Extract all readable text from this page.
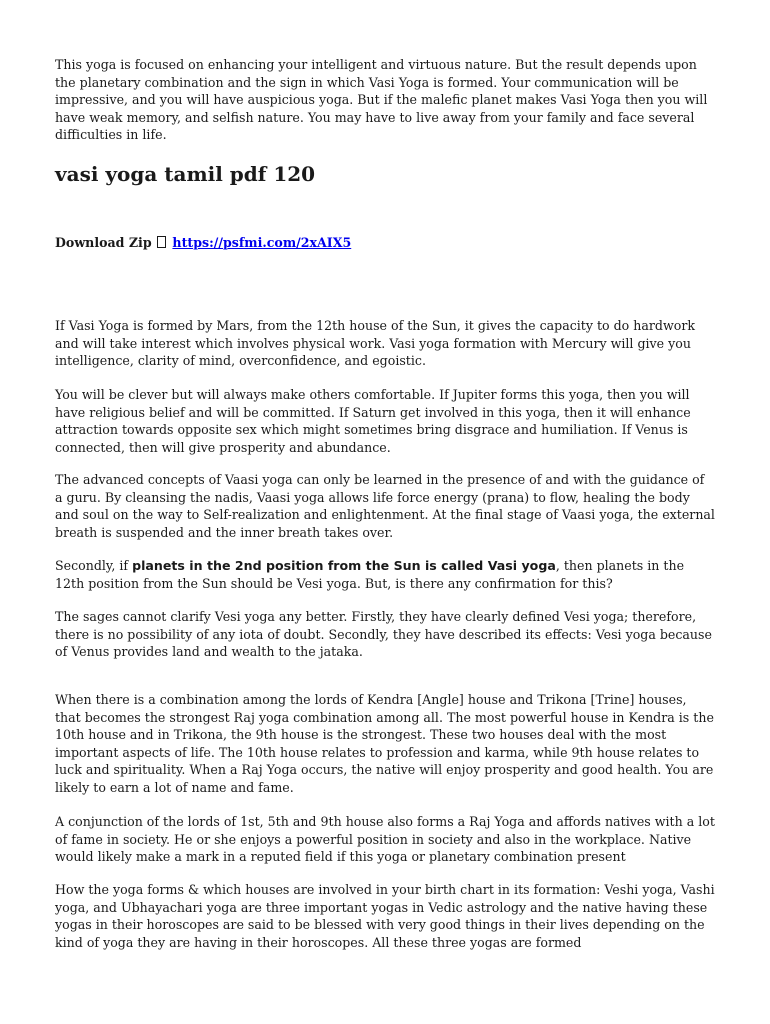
This yoga is focused on enhancing your intelligent and virtuous nature. But the result depends upon the planetary combination and the sign in which Vasi Yoga is formed. Your communication will be impressive, and you will have auspicious yoga. But if the malefic planet makes Vasi Yoga then you will have weak memory, and selfish nature. You may have to live away from your family and face several difficulties in life.

vasi yoga tamil pdf 120
Download Zip https://psfmi.com/2xAIX5

If Vasi Yoga is formed by Mars, from the 12th house of the Sun, it gives the capacity to do hardwork and will take interest which involves physical work. Vasi yoga formation with Mercury will give you intelligence, clarity of mind, overconfidence, and egoistic.

You will be clever but will always make others comfortable. If Jupiter forms this yoga, then you will have religious belief and will be committed. If Saturn get involved in this yoga, then it will enhance attraction towards opposite sex which might sometimes bring disgrace and humiliation. If Venus is connected, then will give prosperity and abundance.

The advanced concepts of Vaasi yoga can only be learned in the presence of and with the guidance of a guru. By cleansing the nadis, Vaasi yoga allows life force energy (prana) to flow, healing the body and soul on the way to Self-realization and enlightenment. At the final stage of Vaasi yoga, the external breath is suspended and the inner breath takes over.

Secondly, if planets in the 2nd position from the Sun is called Vasi yoga, then planets in the 12th position from the Sun should be Vesi yoga. But, is there any confirmation for this?

The sages cannot clarify Vesi yoga any better. Firstly, they have clearly defined Vesi yoga; therefore, there is no possibility of any iota of doubt. Secondly, they have described its effects: Vesi yoga because of Venus provides land and wealth to the jataka.

When there is a combination among the lords of Kendra [Angle] house and Trikona [Trine] houses, that becomes the strongest Raj yoga combination among all. The most powerful house in Kendra is the 10th house and in Trikona, the 9th house is the strongest. These two houses deal with the most important aspects of life. The 10th house relates to profession and karma, while 9th house relates to luck and spirituality. When a Raj Yoga occurs, the native will enjoy prosperity and good health. You are likely to earn a lot of name and fame.

A conjunction of the lords of 1st, 5th and 9th house also forms a Raj Yoga and affords natives with a lot of fame in society. He or she enjoys a powerful position in society and also in the workplace. Native would likely make a mark in a reputed field if this yoga or planetary combination present

How the yoga forms & which houses are involved in your birth chart in its formation: Veshi yoga, Vashi yoga, and Ubhayachari yoga are three important yogas in Vedic astrology and the native having these yogas in their horoscopes are said to be blessed with very good things in their lives depending on the kind of yoga they are having in their horoscopes. All these three yogas are formed
